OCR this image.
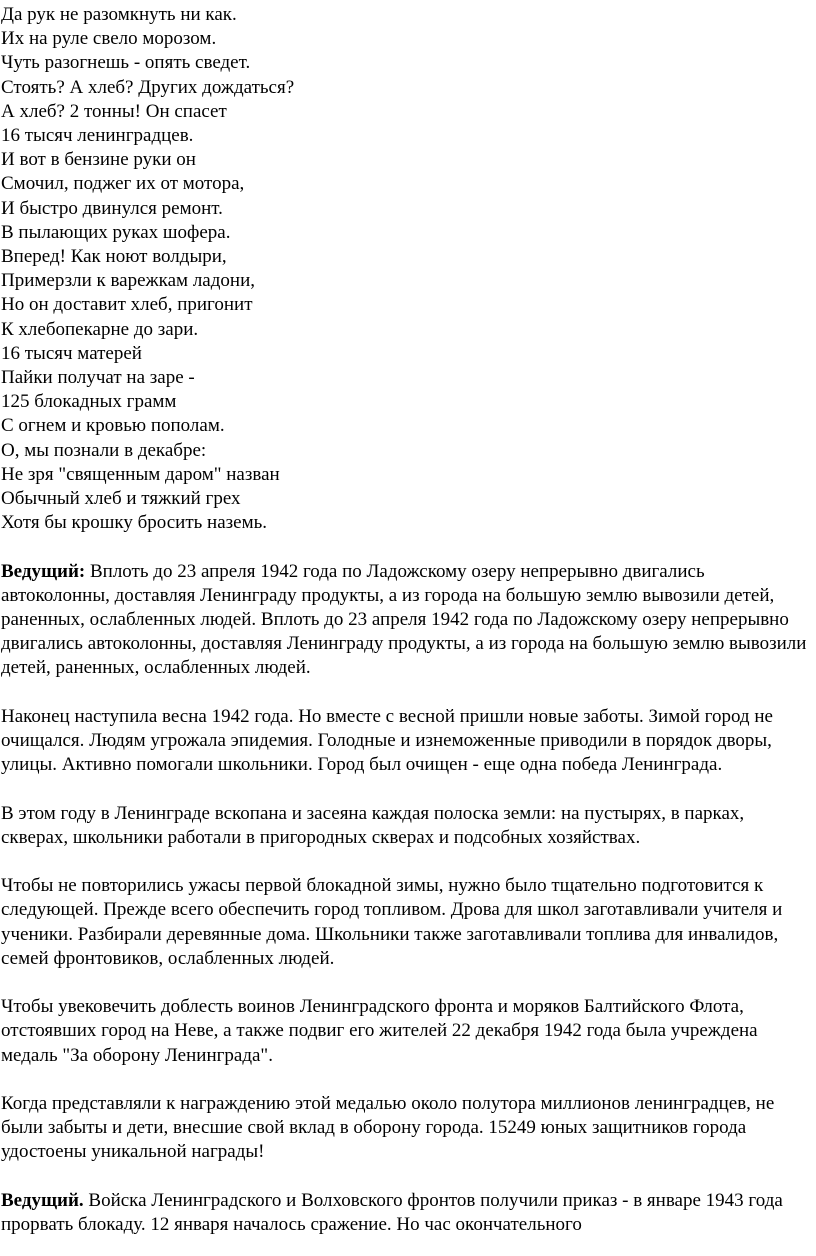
Да рук не разомкнуть ни как.
Их на руле свело морозом.
Чуть разогнешь - опять сведет.
Стоять? А хлеб? Других дождаться?
А хлеб? 2 тонны! Он спасет
16 тысяч ленинградцев.
И вот в бензине руки он
Смочил, поджег их от мотора,
И быстро двинулся ремонт.
В пылающих руках шофера.
Вперед! Как ноют волдыри,
Примерзли к варежкам ладони,
Но он доставит хлеб, пригонит
К хлебопекарне до зари.
16 тысяч матерей
Пайки получат на заре -
125 блокадных грамм
С огнем и кровью пополам.
О, мы познали в декабре:
Не зря "священным даром" назван
Обычный хлеб и тяжкий грех
Хотя бы крошку бросить наземь.

Ведущий: Вплоть до 23 апреля 1942 года по Ладожскому озеру непрерывно двигались автоколонны, доставляя Ленинграду продукты, а из города на большую землю вывозили детей, раненных, ослабленных людей. Вплоть до 23 апреля 1942 года по Ладожскому озеру непрерывно двигались автоколонны, доставляя Ленинграду продукты, а из города на большую землю вывозили детей, раненных, ослабленных людей.

Наконец наступила весна 1942 года. Но вместе с весной пришли новые заботы. Зимой город не очищался. Людям угрожала эпидемия. Голодные и изнеможенные приводили в порядок дворы, улицы. Активно помогали школьники. Город был очищен - еще одна победа Ленинграда.

В этом году в Ленинграде вскопана и засеяна каждая полоска земли: на пустырях, в парках, скверах, школьники работали в пригородных скверах и подсобных хозяйствах.

Чтобы не повторились ужасы первой блокадной зимы, нужно было тщательно подготовится к следующей. Прежде всего обеспечить город топливом. Дрова для школ заготавливали учителя и ученики. Разбирали деревянные дома. Школьники также заготавливали топлива для инвалидов, семей фронтовиков, ослабленных людей.

Чтобы увековечить доблесть воинов Ленинградского фронта и моряков Балтийского Флота, отстоявших город на Неве, а также подвиг его жителей 22 декабря 1942 года была учреждена медаль "За оборону Ленинграда".

Когда представляли к награждению этой медалью около полутора миллионов ленинградцев, не были забыты и дети, внесшие свой вклад в оборону города. 15249 юных защитников города удостоены уникальной награды!

Ведущий. Войска Ленинградского и Волховского фронтов получили приказ - в январе 1943 года прорвать блокаду. 12 января началось сражение. Но час окончательного
